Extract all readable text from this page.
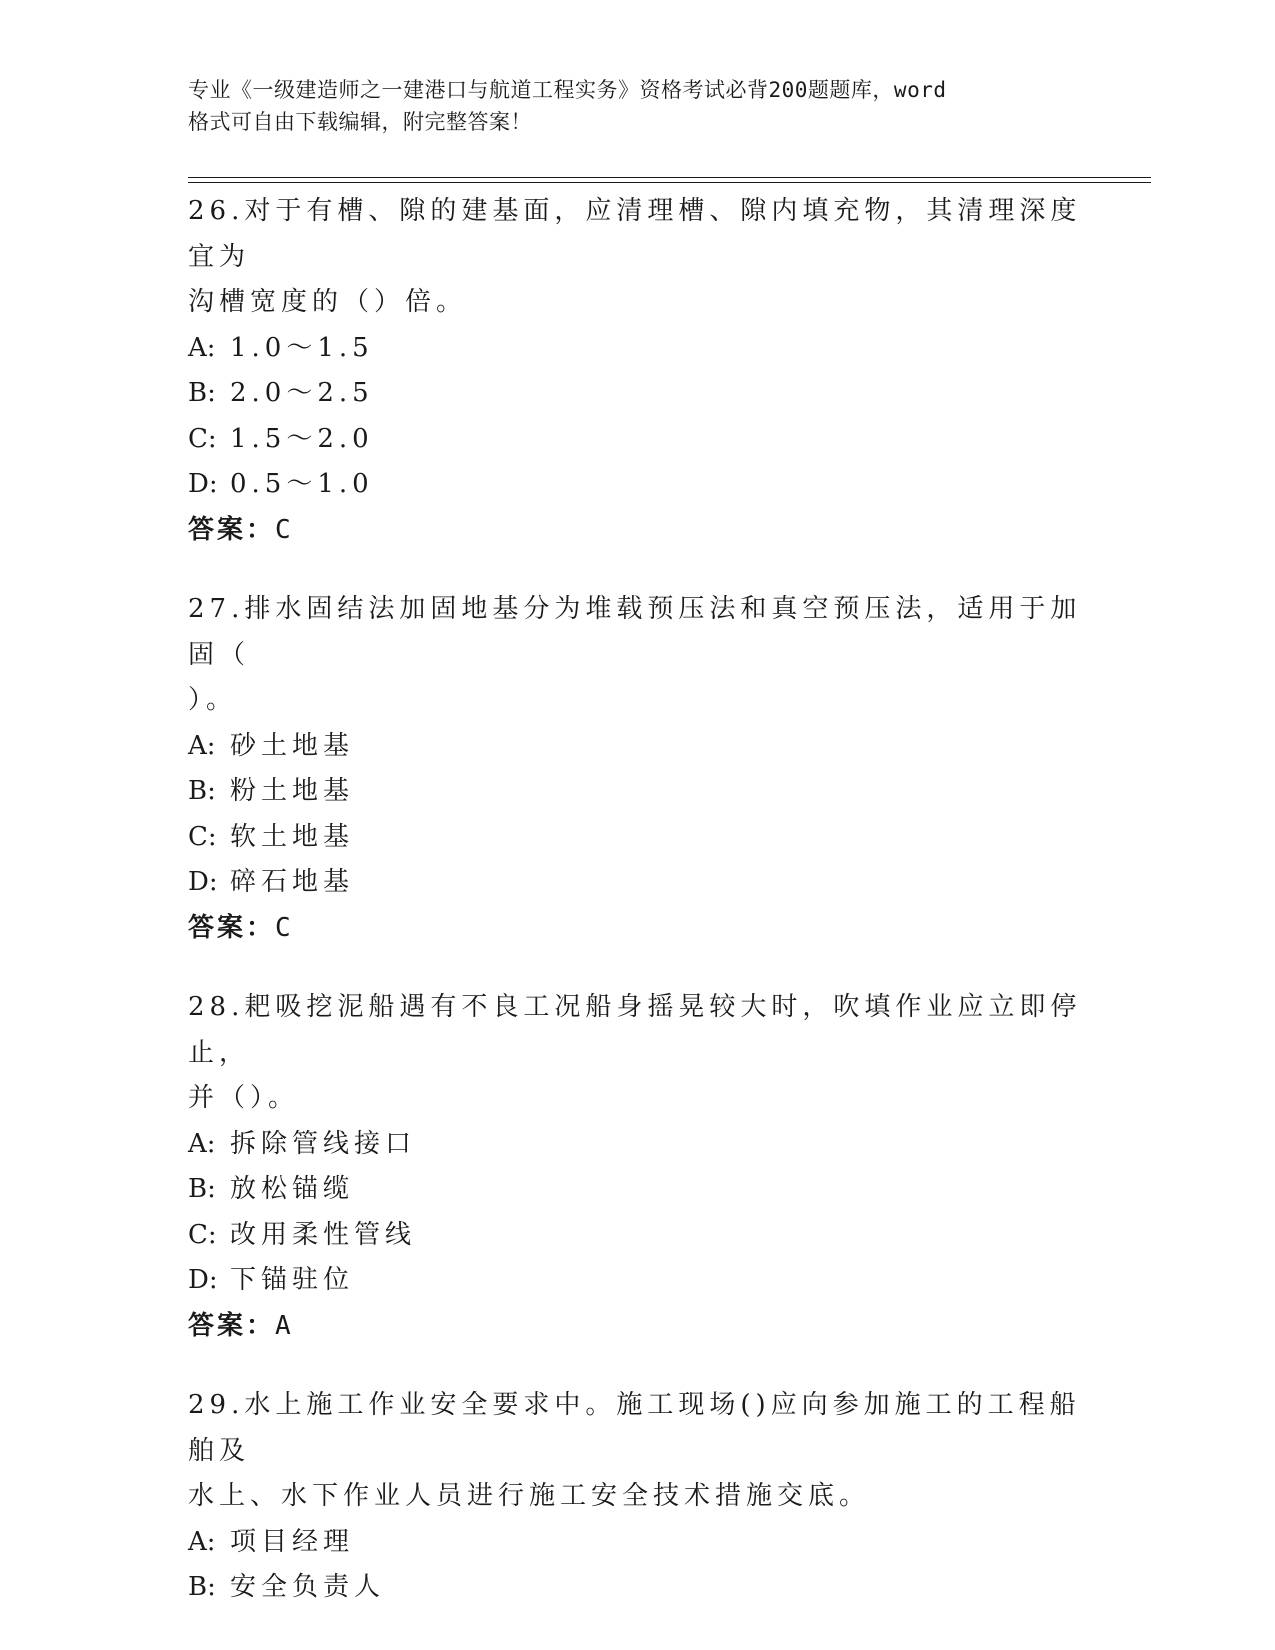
专业《一级建造师之一建港口与航道工程实务》资格考试必背200题题库，word
格式可自由下载编辑，附完整答案！

26.对于有槽、隙的建基面，应清理槽、隙内填充物，其清理深度宜为
沟槽宽度的（）倍。

A: 1.0～1.5

B: 2.0～2.5

C: 1.5～2.0

D: 0.5～1.0

答案：C

27.排水固结法加固地基分为堆载预压法和真空预压法，适用于加固（
）。

A: 砂土地基

B: 粉土地基

C: 软土地基

D: 碎石地基

答案：C

28.耙吸挖泥船遇有不良工况船身摇晃较大时，吹填作业应立即停止，
并（）。

A: 拆除管线接口

B: 放松锚缆

C: 改用柔性管线

D: 下锚驻位

答案：A

29.水上施工作业安全要求中。施工现场()应向参加施工的工程船舶及
水上、水下作业人员进行施工安全技术措施交底。

A: 项目经理

B: 安全负责人
